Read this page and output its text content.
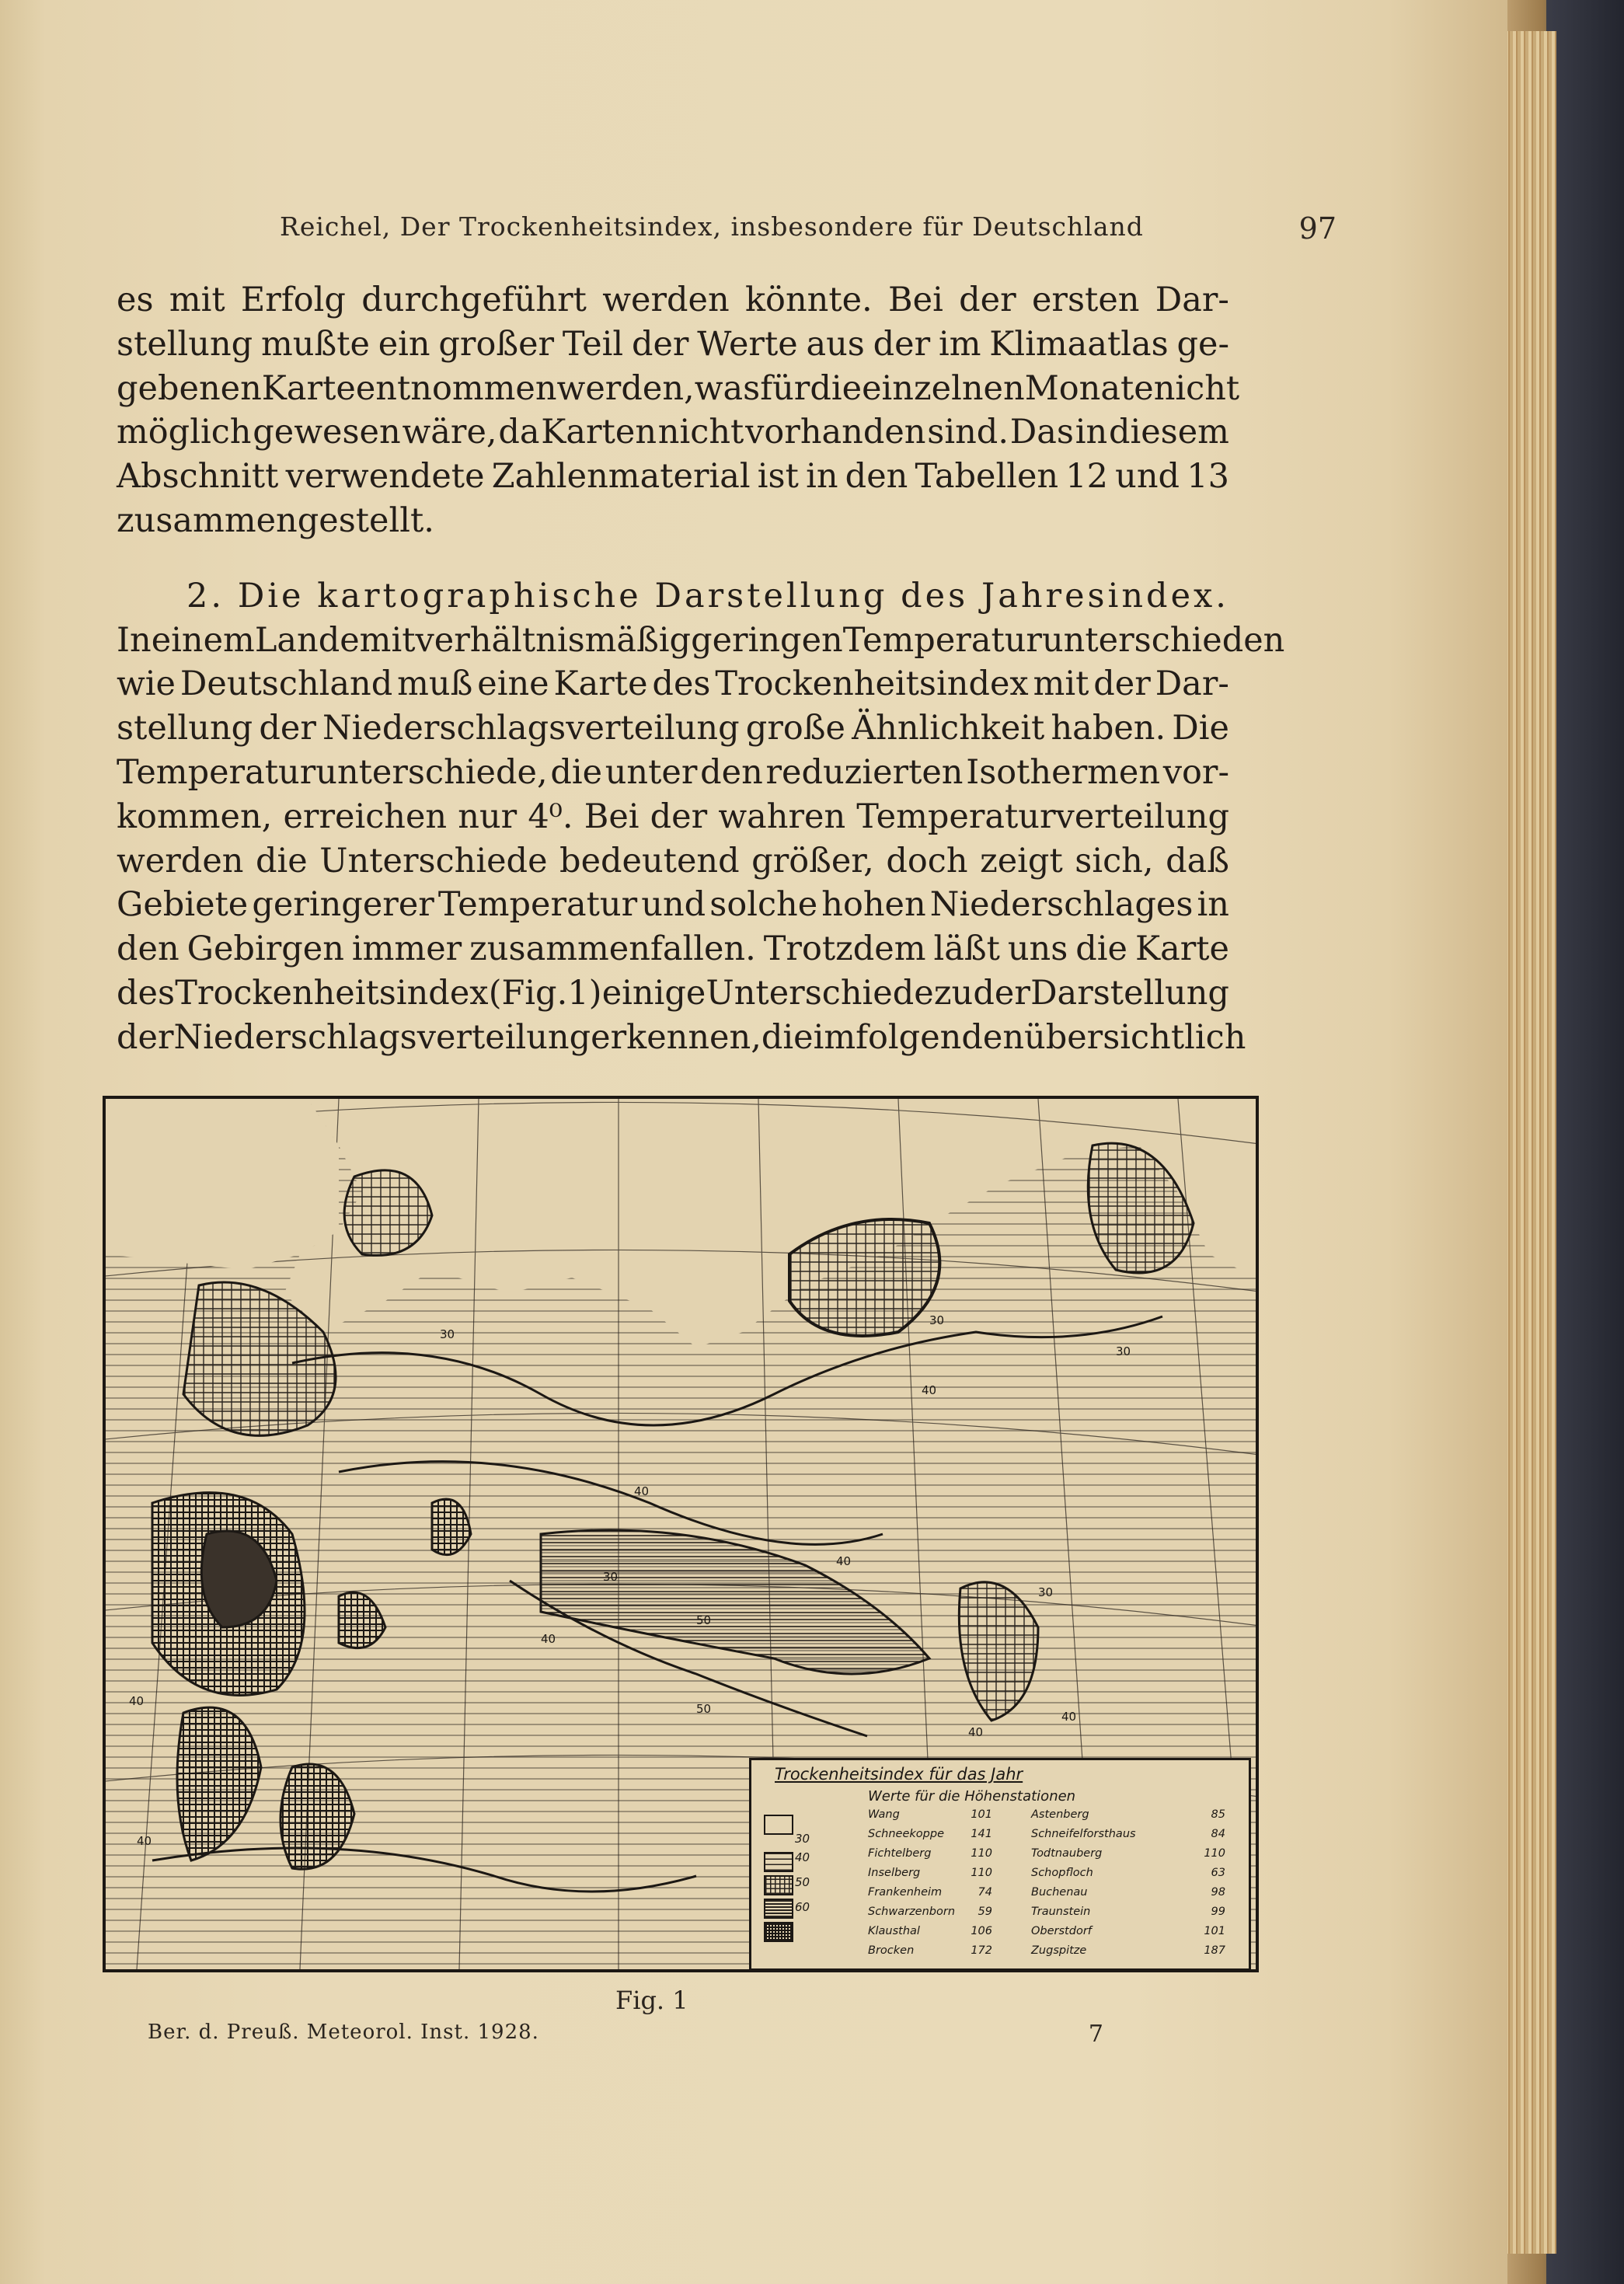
Reichel, Der Trockenheitsindex, insbesondere für Deutschland	97

es mit Erfolg durchgeführt werden könnte. Bei der ersten Dar-
stellung mußte ein großer Teil der Werte aus der im Klimaatlas ge-
gebenen Karte entnommen werden, was für die einzelnen Monate nicht
möglich gewesen wäre, da Karten nicht vorhanden sind. Das in diesem
Abschnitt verwendete Zahlenmaterial ist in den Tabellen 12 und 13
zusammengestellt.

2. Die kartographische Darstellung des Jahresindex.
In einem Lande mit verhältnismäßig geringen Temperaturunterschieden
wie Deutschland muß eine Karte des Trockenheitsindex mit der Dar-
stellung der Niederschlagsverteilung große Ähnlichkeit haben. Die
Temperaturunterschiede, die unter den reduzierten Isothermen vor-
kommen, erreichen nur 4⁰. Bei der wahren Temperaturverteilung
werden die Unterschiede bedeutend größer, doch zeigt sich, daß
Gebiete geringerer Temperatur und solche hohen Niederschlages in
den Gebirgen immer zusammenfallen. Trotzdem läßt uns die Karte
des Trockenheitsindex (Fig. 1) einige Unterschiede zu der Darstellung
der Niederschlagsverteilung erkennen, die im folgenden übersichtlich

30
30
30
40
40
30
50
40
40
40
30
50
40
40
40
Trockenheitsindex für das Jahr
Werte für die Höhenstationen
30
40
50
60
Wang	101
Schneekoppe	141
Fichtelberg	110
Inselberg	110
Frankenheim	74
Schwarzenborn	59
Klausthal	106
Brocken	172
Astenberg	85
Schneifelforsthaus	84
Todtnauberg	110
Schopfloch	63
Buchenau	98
Traunstein	99
Oberstdorf	101
Zugspitze	187
Fig. 1
Ber. d. Preuß. Meteorol. Inst. 1928.	7
